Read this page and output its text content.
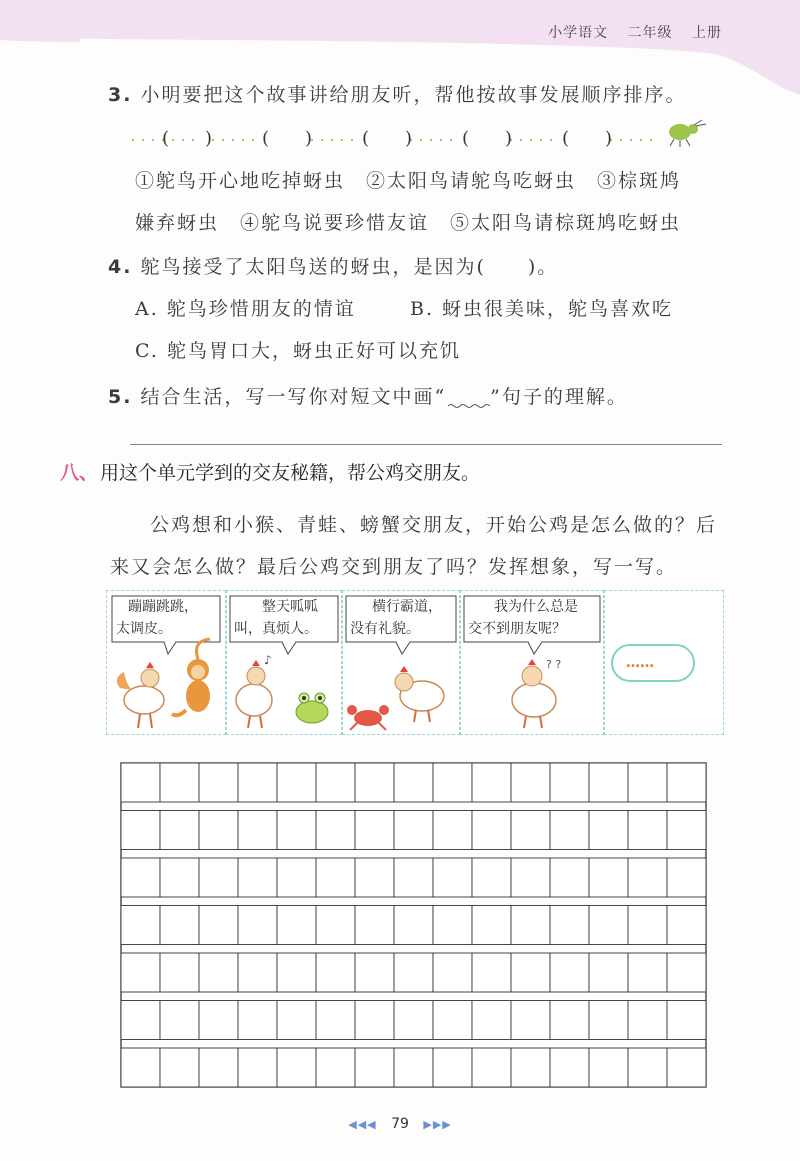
小学语文 二年级 上册
3. 小明要把这个故事讲给朋友听，帮他按故事发展顺序排序。
(　　)	(　　)	(　　)	(　　)	(　　)
①鸵鸟开心地吃掉蚜虫　②太阳鸟请鸵鸟吃蚜虫　③棕斑鸠
嫌弃蚜虫　④鸵鸟说要珍惜友谊　⑤太阳鸟请棕斑鸠吃蚜虫
4. 鸵鸟接受了太阳鸟送的蚜虫，是因为(　　)。
A. 鸵鸟珍惜朋友的情谊	B. 蚜虫很美味，鸵鸟喜欢吃
C. 鸵鸟胃口大，蚜虫正好可以充饥
5. 结合生活，写一写你对短文中画“ ”句子的理解。
八、 用这个单元学到的交友秘籍，帮公鸡交朋友。
公鸡想和小猴、青蛙、螃蟹交朋友，开始公鸡是怎么做的？后
来又会怎么做？最后公鸡交到朋友了吗？发挥想象，写一写。
♪	? ?
蹦蹦跳跳，
太调皮。
整天呱呱
叫，真烦人。
横行霸道，
没有礼貌。
我为什么总是
交不到朋友呢？
……
◀◀◀ 79 ▶▶▶
